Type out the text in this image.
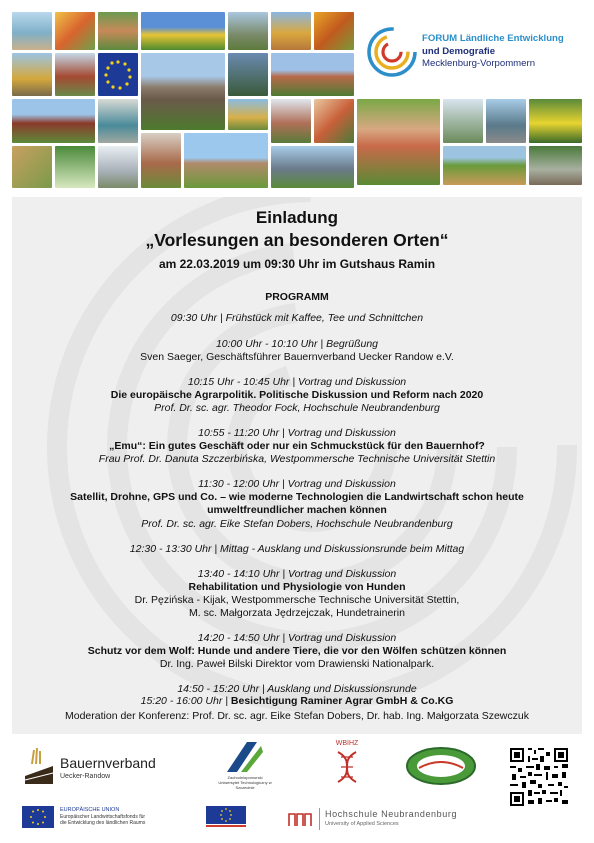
FORUM Ländliche Entwicklung
und Demografie
Mecklenburg-Vorpommern
Einladung
„Vorlesungen an besonderen Orten“
am 22.03.2019 um 09:30 Uhr im Gutshaus Ramin
PROGRAMM
09:30 Uhr | Frühstück mit Kaffee, Tee und Schnittchen
10:00 Uhr - 10:10 Uhr | Begrüßung
Sven Saeger, Geschäftsführer Bauernverband Uecker Randow e.V.
10:15 Uhr - 10:45 Uhr | Vortrag und Diskussion
Die europäische Agrarpolitik. Politische Diskussion und Reform nach 2020
Prof. Dr. sc. agr. Theodor Fock, Hochschule Neubrandenburg
10:55 - 11:20 Uhr | Vortrag und Diskussion
„Emu“: Ein gutes Geschäft oder nur ein Schmuckstück für den Bauernhof?
Frau Prof. Dr. Danuta Szczerbińska, Westpommersche Technische Universität Stettin
11:30 - 12:00 Uhr | Vortrag und Diskussion
Satellit, Drohne, GPS und Co. – wie moderne Technologien die Landwirtschaft schon heute
umweltfreundlicher machen können
Prof. Dr. sc. agr. Eike Stefan Dobers, Hochschule Neubrandenburg
12:30 - 13:30 Uhr | Mittag - Ausklang und Diskussionsrunde beim Mittag
13:40 - 14:10 Uhr | Vortrag und Diskussion
Rehabilitation und Physiologie von Hunden
Dr. Pęzińska - Kijak, Westpommersche Technische Universität Stettin,
M. sc. Małgorzata Jędrzejczak, Hundetrainerin
14:20 - 14:50 Uhr | Vortrag und Diskussion
Schutz vor dem Wolf: Hunde und andere Tiere, die vor den Wölfen schützen können
Dr. Ing. Paweł Bilski Direktor vom Drawienski Nationalpark.
14:50 - 15:20 Uhr | Ausklang und Diskussionsrunde
15:20 - 16:00 Uhr | Besichtigung Raminer Agrar GmbH & Co.KG
Moderation der Konferenz: Prof. Dr. sc. agr. Eike Stefan Dobers, Dr. hab. Ing. Małgorzata Szewczuk
Bauernverband
Uecker-Randow	Zachodniopomorski Uniwersytet Technologiczny w Szczecinie
WBIHZ
EUROPÄISCHE UNION
Europäischer Landwirtschaftsfonds für
die Entwicklung des ländlichen Raums
Hochschule Neubrandenburg
University of Applied Sciences
